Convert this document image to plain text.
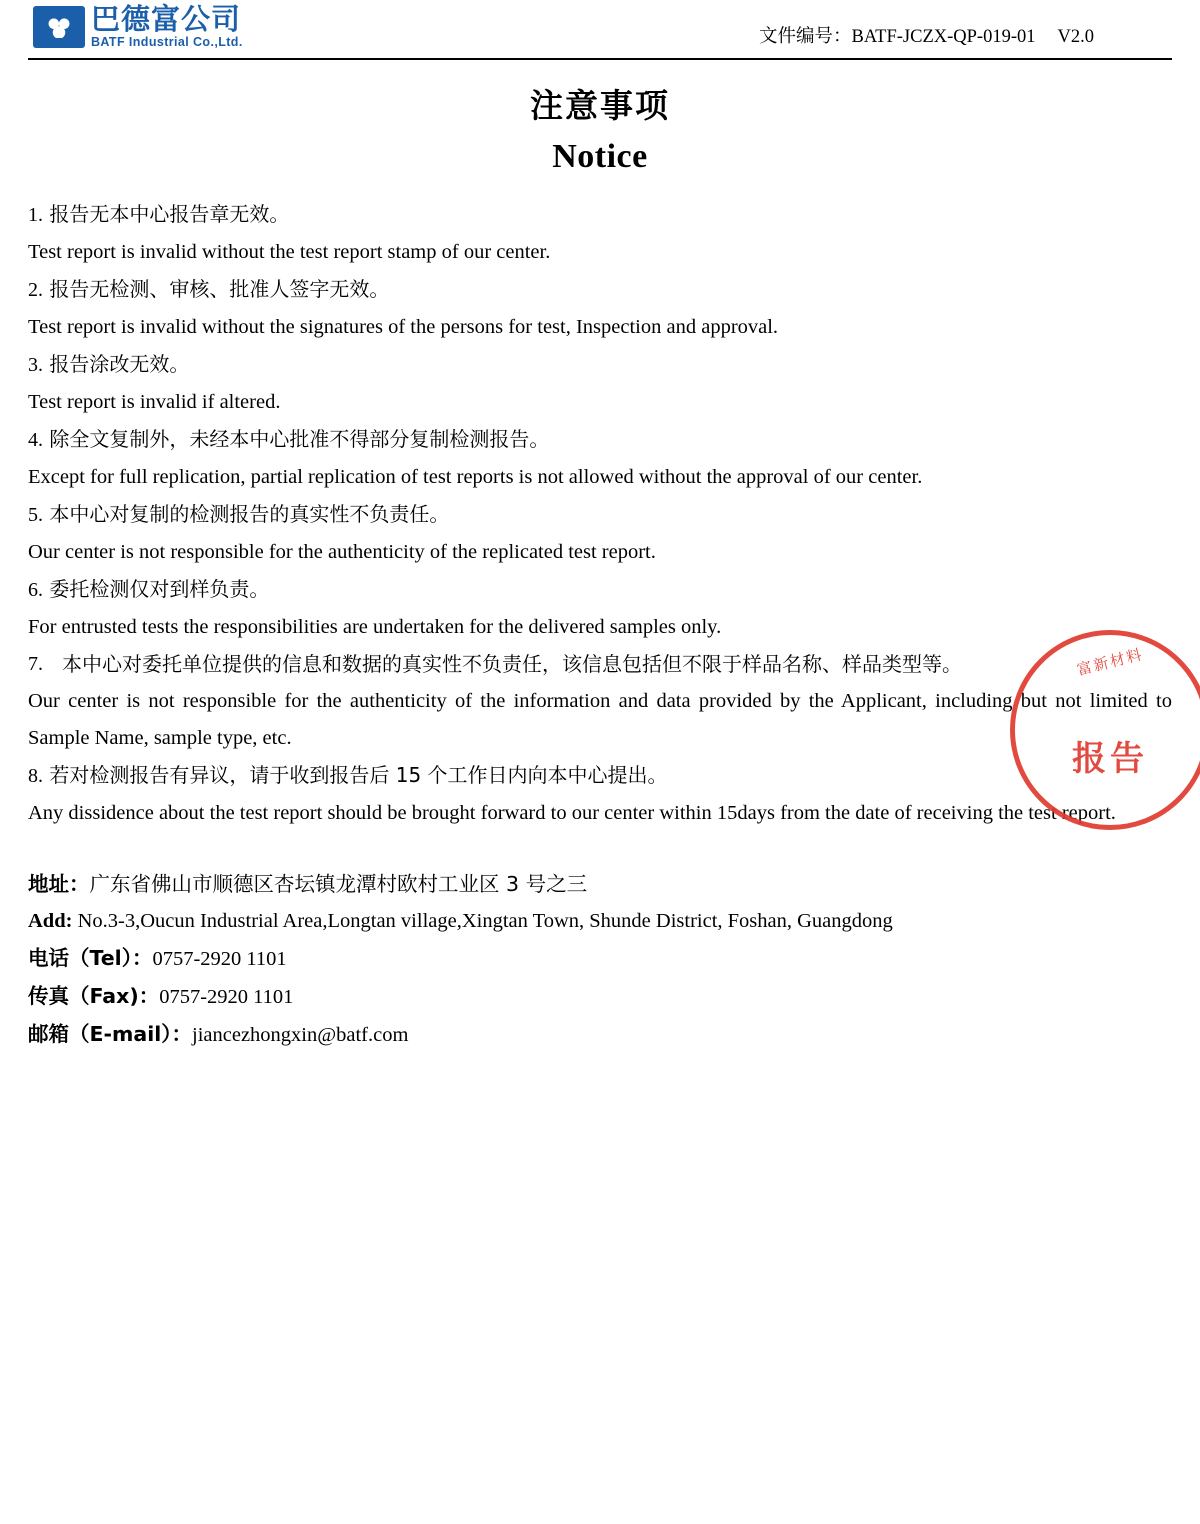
巴德富公司
BATF Industrial Co.,Ltd.	文件编号：BATF-JCZX-QP-019-01 V2.0
注意事项
Notice
1. 报告无本中心报告章无效。
Test report is invalid without the test report stamp of our center.
2. 报告无检测、审核、批准人签字无效。
Test report is invalid without the signatures of the persons for test, Inspection and approval.
3. 报告涂改无效。
Test report is invalid if altered.
4. 除全文复制外，未经本中心批准不得部分复制检测报告。
Except for full replication, partial replication of test reports is not allowed without the approval of our center.
5. 本中心对复制的检测报告的真实性不负责任。
Our center is not responsible for the authenticity of the replicated test report.
6. 委托检测仅对到样负责。
For entrusted tests the responsibilities are undertaken for the delivered samples only.
7. 本中心对委托单位提供的信息和数据的真实性不负责任，该信息包括但不限于样品名称、样品类型等。
Our center is not responsible for the authenticity of the information and data provided by the Applicant, including but not limited to Sample Name, sample type, etc.
8. 若对检测报告有异议，请于收到报告后 15 个工作日内向本中心提出。
Any dissidence about the test report should be brought forward to our center within 15days from the date of receiving the test report.
地址：广东省佛山市顺德区杏坛镇龙潭村欧村工业区 3 号之三
Add: No.3-3,Oucun Industrial Area,Longtan village,Xingtan Town, Shunde District, Foshan, Guangdong
电话（Tel）：0757-2920 1101
传真（Fax)：0757-2920 1101
邮箱（E-mail）：jiancezhongxin@batf.com
富新材料
报告
